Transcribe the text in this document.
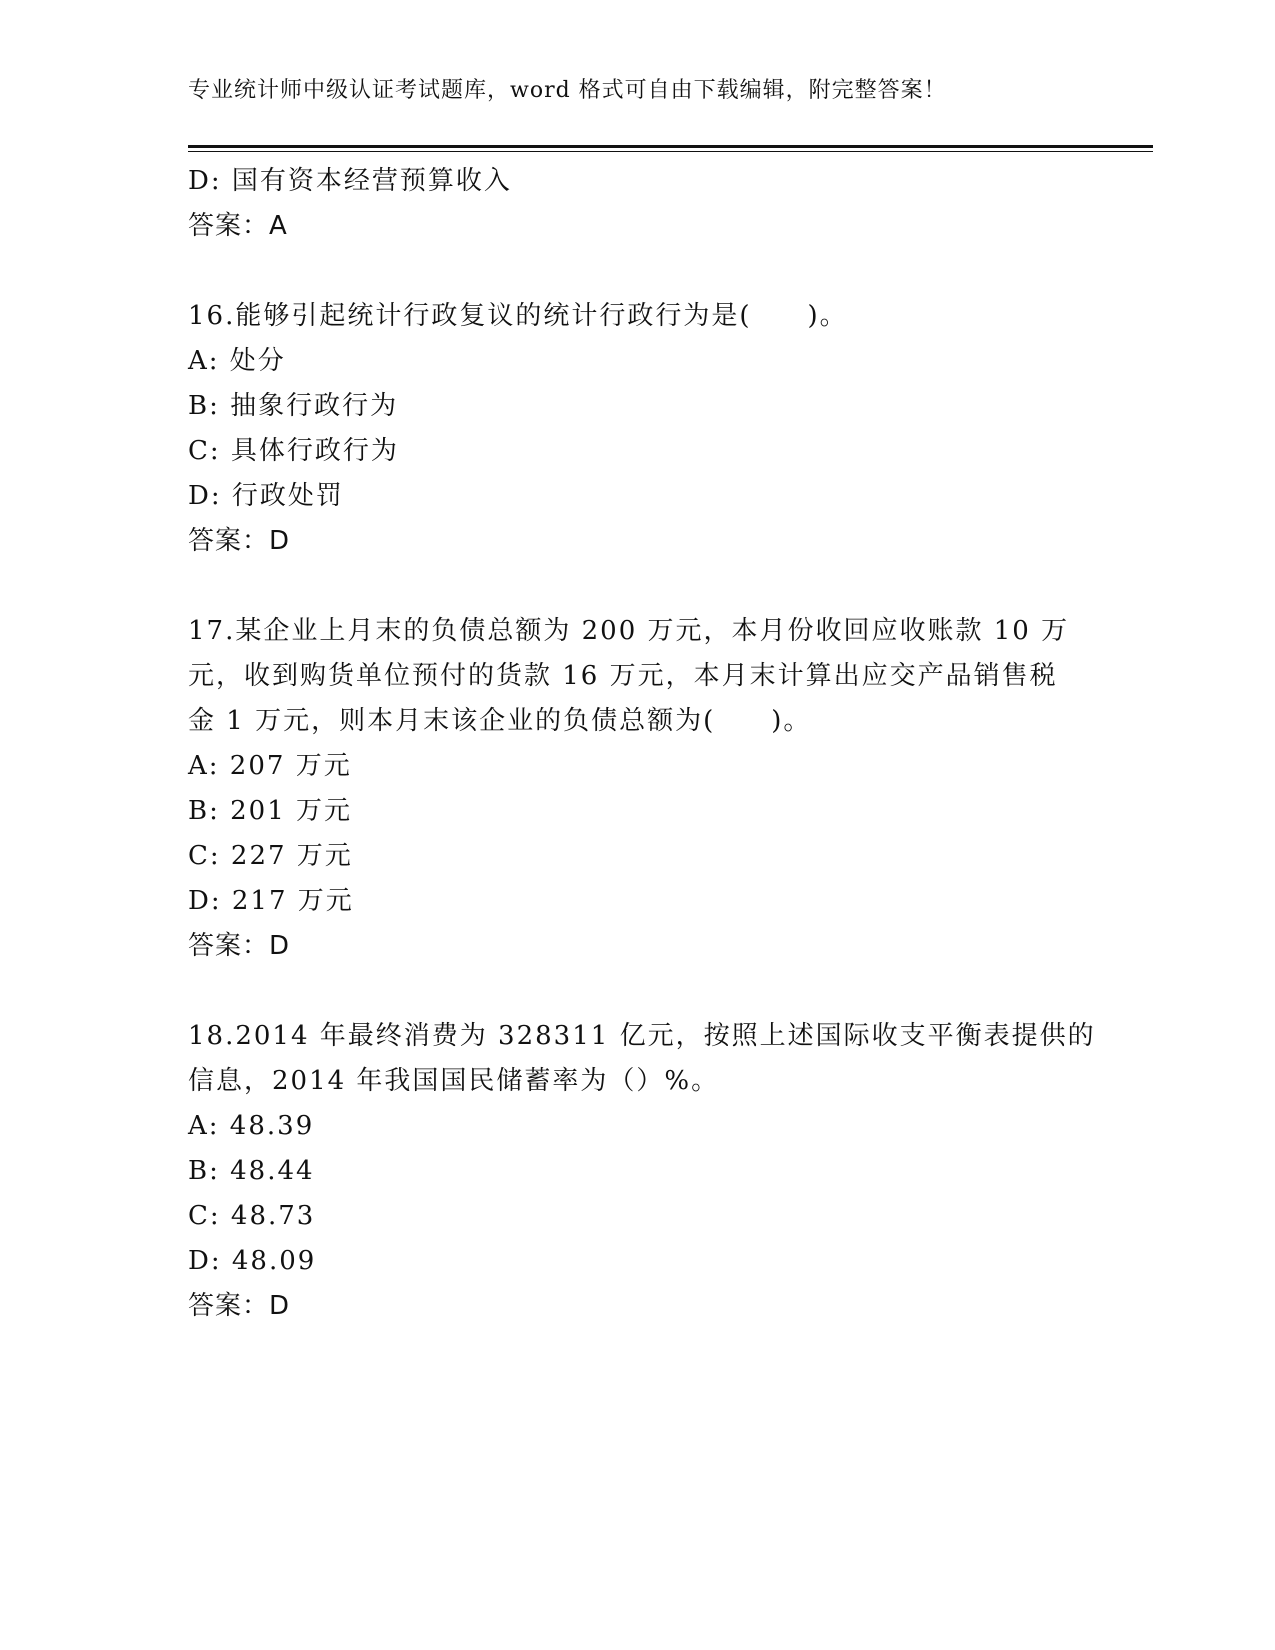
专业统计师中级认证考试题库，word 格式可自由下载编辑，附完整答案！
D: 国有资本经营预算收入
答案：A
16.能够引起统计行政复议的统计行政行为是(　　)。
A: 处分
B: 抽象行政行为
C: 具体行政行为
D: 行政处罚
答案：D
17.某企业上月末的负债总额为 200 万元，本月份收回应收账款 10 万
元，收到购货单位预付的货款 16 万元，本月末计算出应交产品销售税
金 1 万元，则本月末该企业的负债总额为(　　)。
A: 207 万元
B: 201 万元
C: 227 万元
D: 217 万元
答案：D
18.2014 年最终消费为 328311 亿元，按照上述国际收支平衡表提供的
信息，2014 年我国国民储蓄率为（）%。
A: 48.39
B: 48.44
C: 48.73
D: 48.09
答案：D
